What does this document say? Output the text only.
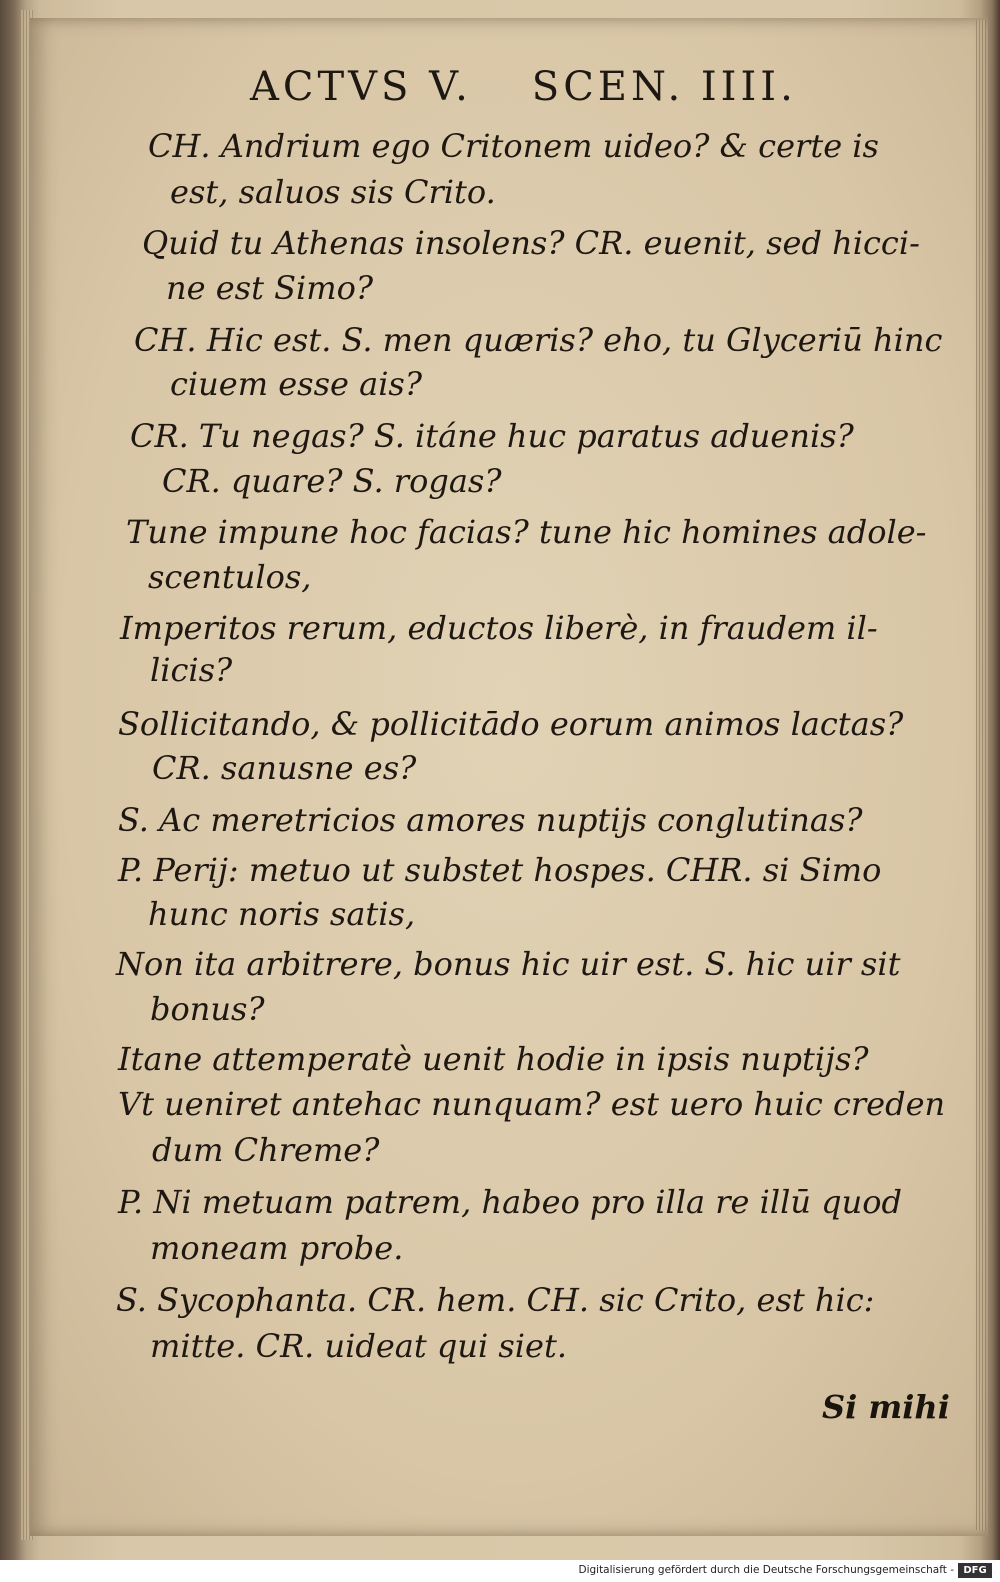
ACTVS V. SCEN. IIII.
CH. Andrium ego Critonem uideo? & certe is
est, saluos sis Crito.
Quid tu Athenas insolens? CR. euenit, sed hicci-
ne est Simo?
CH. Hic est. S. men quæris? eho, tu Glyceriū hinc
ciuem esse ais?
CR. Tu negas? S. itáne huc paratus aduenis?
CR. quare? S. rogas?
Tune impune hoc facias? tune hic homines adole-
scentulos,
Imperitos rerum, eductos liberè, in fraudem il-
licis?
Sollicitando, & pollicitādo eorum animos lactas?
CR. sanusne es?
S. Ac meretricios amores nuptijs conglutinas?
P. Perij: metuo ut substet hospes. CHR. si Simo
hunc noris satis,
Non ita arbitrere, bonus hic uir est. S. hic uir sit
bonus?
Itane attemperatè uenit hodie in ipsis nuptijs?
Vt ueniret antehac nunquam? est uero huic creden
dum Chreme?
P. Ni metuam patrem, habeo pro illa re illū quod
moneam probe.
S. Sycophanta. CR. hem. CH. sic Crito, est hic:
mitte. CR. uideat qui siet.
Si mihi
Digitalisierung gefördert durch die Deutsche Forschungsgemeinschaft - DFG
